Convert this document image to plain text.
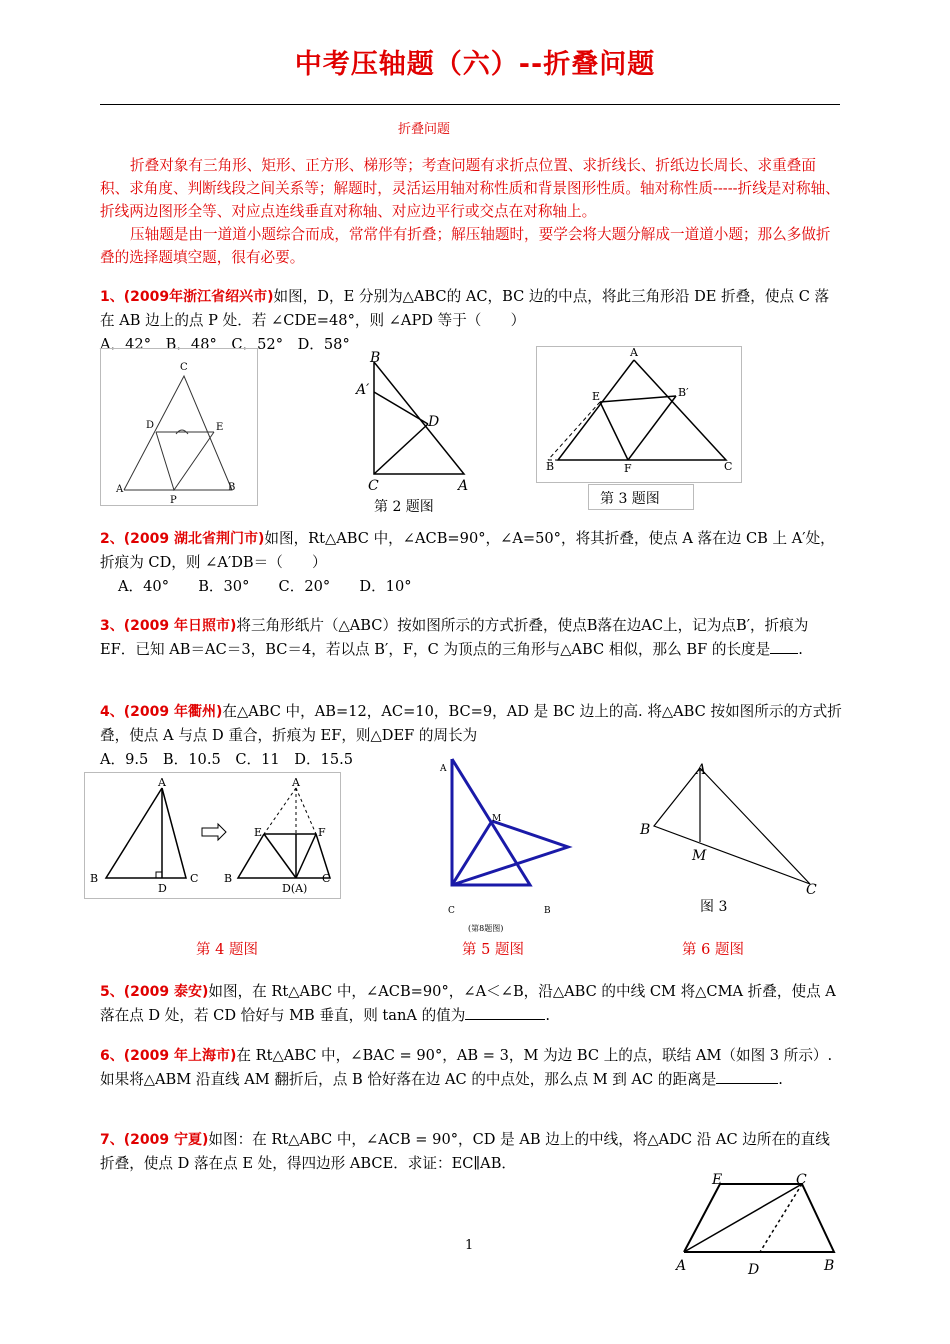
中考压轴题（六）--折叠问题
折叠问题

折叠对象有三角形、矩形、正方形、梯形等；考查问题有求折点位置、求折线长、折纸边长周长、求重叠面积、求角度、判断线段之间关系等；解题时，灵活运用轴对称性质和背景图形性质。轴对称性质-----折线是对称轴、折线两边图形全等、对应点连线垂直对称轴、对应边平行或交点在对称轴上。

压轴题是由一道道小题综合而成，常常伴有折叠；解压轴题时，要学会将大题分解成一道道小题；那么多做折叠的选择题填空题，很有必要。

1、(2009年浙江省绍兴市)如图，D，E 分别为△ABC的 AC，BC 边的中点，将此三角形沿 DE 折叠，使点 C 落在 AB 边上的点 P 处．若 ∠CDE=48°，则 ∠APD 等于（　　）

A．42°　B．48°　C．52°　D．58°

C
D	E
A	B
P
B
A′
D
C	A
第 2 题图
A
E	B′
B	F	C
第 3 题图

2、(2009 湖北省荆门市)如图，Rt△ABC 中，∠ACB=90°，∠A=50°，将其折叠，使点 A 落在边 CB 上 A′处，折痕为 CD，则 ∠A′DB＝（　　）

A．40°　　B．30°　　C．20°　　D．10°

3、(2009 年日照市)将三角形纸片（△ABC）按如图所示的方式折叠，使点B落在边AC上，记为点B′，折痕为 EF．已知 AB＝AC＝3，BC＝4，若以点 B′，F，C 为顶点的三角形与△ABC 相似，那么 BF 的长度是 .

4、(2009 年衢州)在△ABC 中，AB=12，AC=10，BC=9，AD 是 BC 边上的高. 将△ABC 按如图所示的方式折叠，使点 A 与点 D 重合，折痕为 EF，则△DEF 的周长为

A．9.5　B．10.5　C．11　D．15.5

A
B
D
C
A
E	F
B
D(A)
C
A
M
C	B
(第8题图)
A
B
M
C
图 3
第 4 题图	第 5 题图	第 6 题图

5、(2009 泰安)如图，在 Rt△ABC 中，∠ACB=90°，∠A＜∠B，沿△ABC 的中线 CM 将△CMA 折叠，使点 A 落在点 D 处，若 CD 恰好与 MB 垂直，则 tanA 的值为	.

6、(2009 年上海市)在 Rt△ABC 中，∠BAC = 90°，AB = 3，M 为边 BC 上的点，联结 AM（如图 3 所示）. 如果将△ABM 沿直线 AM 翻折后，点 B 恰好落在边 AC 的中点处，那么点 M 到 AC 的距离是	.

7、(2009 宁夏)如图：在 Rt△ABC 中，∠ACB = 90°，CD 是 AB 边上的中线，将△ADC 沿 AC 边所在的直线折叠，使点 D 落在点 E 处，得四边形 ABCE．求证：EC∥AB．

E	C
A	D	B
1
